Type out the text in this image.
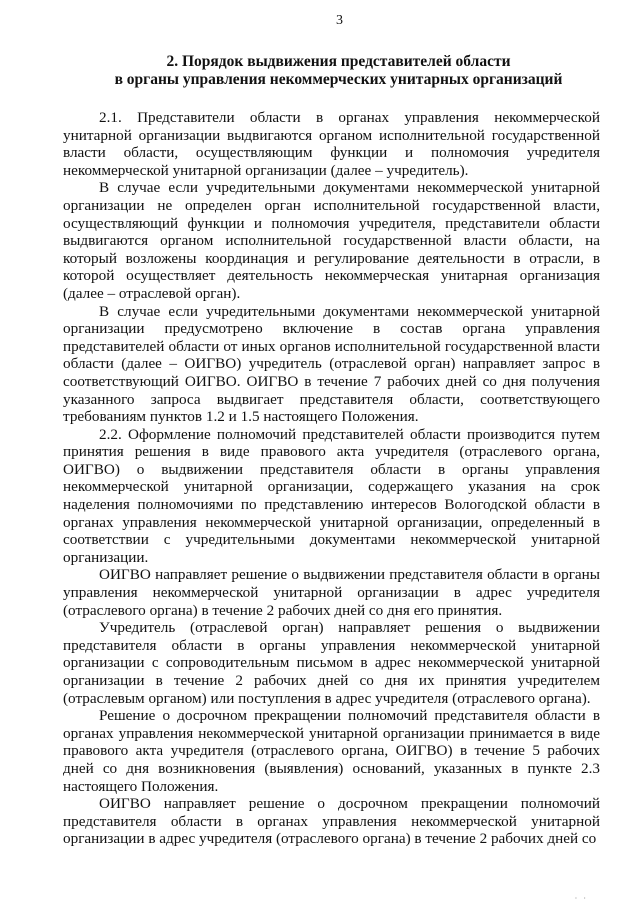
3
2. Порядок выдвижения представителей области
в органы управления некоммерческих унитарных организаций

2.1. Представители области в органах управления некоммерческой унитарной организации выдвигаются органом исполнительной государственной власти области, осуществляющим функции и полномочия учредителя некоммерческой унитарной организации (далее – учредитель).

В случае если учредительными документами некоммерческой унитарной организации не определен орган исполнительной государственной власти, осуществляющий функции и полномочия учредителя, представители области выдвигаются органом исполнительной государственной власти области, на который возложены координация и регулирование деятельности в отрасли, в которой осуществляет деятельность некоммерческая унитарная организация (далее – отраслевой орган).

В случае если учредительными документами некоммерческой унитарной организации предусмотрено включение в состав органа управления представителей области от иных органов исполнительной государственной власти области (далее – ОИГВО) учредитель (отраслевой орган) направляет запрос в соответствующий ОИГВО. ОИГВО в течение 7 рабочих дней со дня получения указанного запроса выдвигает представителя области, соответствующего требованиям пунктов 1.2 и 1.5 настоящего Положения.

2.2. Оформление полномочий представителей области производится путем принятия решения в виде правового акта учредителя (отраслевого органа, ОИГВО) о выдвижении представителя области в органы управления некоммерческой унитарной организации, содержащего указания на срок наделения полномочиями по представлению интересов Вологодской области в органах управления некоммерческой унитарной организации, определенный в соответствии с учредительными документами некоммерческой унитарной организации.

ОИГВО направляет решение о выдвижении представителя области в органы управления некоммерческой унитарной организации в адрес учредителя (отраслевого органа) в течение 2 рабочих дней со дня его принятия.

Учредитель (отраслевой орган) направляет решения о выдвижении представителя области в органы управления некоммерческой унитарной организации с сопроводительным письмом в адрес некоммерческой унитарной организации в течение 2 рабочих дней со дня их принятия учредителем (отраслевым органом) или поступления в адрес учредителя (отраслевого органа).

Решение о досрочном прекращении полномочий представителя области в органах управления некоммерческой унитарной организации принимается в виде правового акта учредителя (отраслевого органа, ОИГВО) в течение 5 рабочих дней со дня возникновения (выявления) оснований, указанных в пункте 2.3 настоящего Положения.

ОИГВО направляет решение о досрочном прекращении полномочий представителя области в органах управления некоммерческой унитарной организации в адрес учредителя (отраслевого органа) в течение 2 рабочих дней со

· ·
